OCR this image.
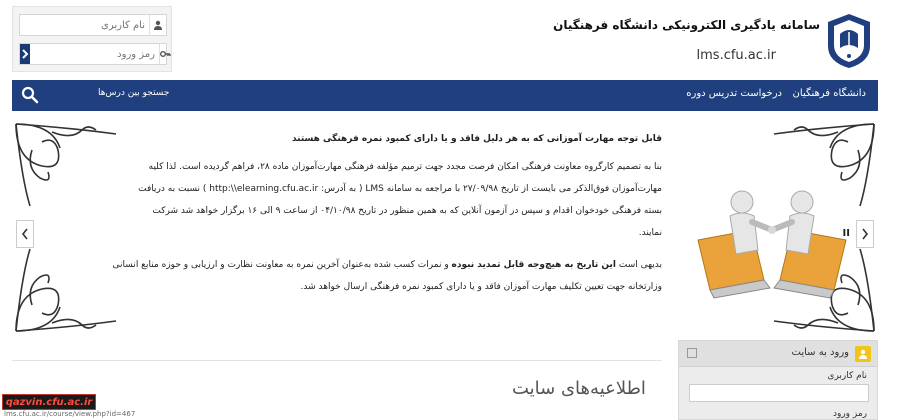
نام کاربری
سامانه یادگیری الکترونیکی دانشگاه فرهنگیان
lms.cfu.ac.ir
دانشگاه فرهنگیان
درخواست تدریس دوره
جستجو بین درس‌ها
II
قابل توجه مهارت آموزانی که به هر دلیل فاقد و یا دارای کمبود نمره فرهنگی هستند
بنا به تصمیم کارگروه معاونت فرهنگی امکان فرصت مجدد جهت ترمیم مؤلفه فرهنگی مهارت‌آموزان ماده ۲۸، فراهم گردیده است. لذا کلیه
مهارت‌آموزان فوق‌الذکر می بایست از تاریخ ۲۷/۰۹/۹۸ با مراجعه به سامانه LMS ( به آدرس: http:\\elearning.cfu.ac.ir ) نسبت به دریافت
بسته فرهنگی خودخوان اقدام و سپس در آزمون آنلاین که به همین منظور در تاریخ ۰۴/۱۰/۹۸ از ساعت ۹ الی ۱۶ برگزار خواهد شد شرکت
نمایند.
بدیهی است این تاریخ به هیچ‌وجه قابل تمدید نبوده و نمرات کسب شده به‌عنوان آخرین نمره به معاونت نظارت و ارزیابی و حوزه منابع انسانی
وزارتخانه جهت تعیین تکلیف مهارت آموزان فاقد و یا دارای کمبود نمره فرهنگی ارسال خواهد شد.
اطلاعیه‌های سایت
ورود به سایت
نام کاربری
رمز ورود
qazvin.cfu.ac.ir
lms.cfu.ac.ir/course/view.php?id=467
